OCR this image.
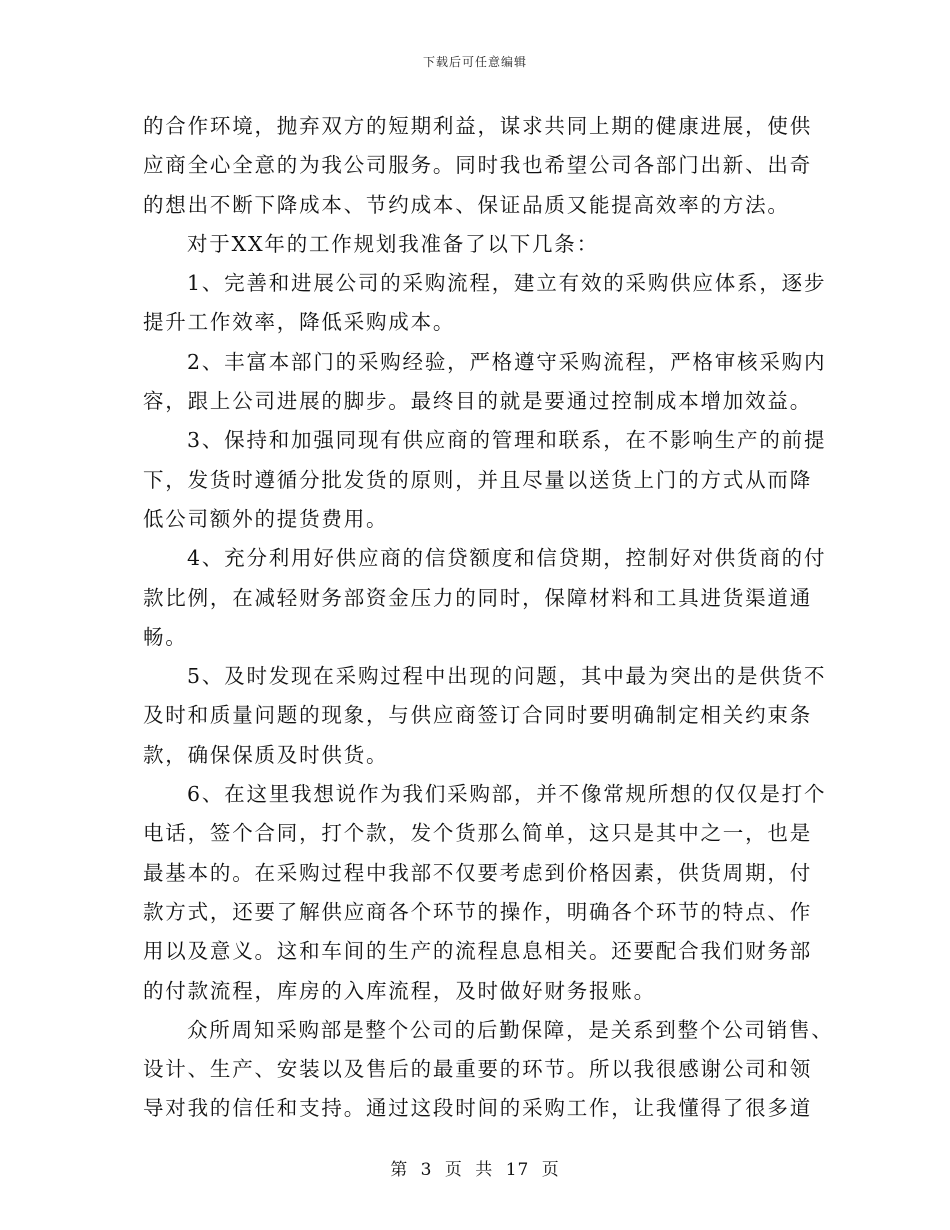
下载后可任意编辑
的合作环境，抛弃双方的短期利益，谋求共同上期的健康进展，使供
应商全心全意的为我公司服务。同时我也希望公司各部门出新、出奇
的想出不断下降成本、节约成本、保证品质又能提高效率的方法。
对于XX年的工作规划我准备了以下几条：
1、完善和进展公司的采购流程，建立有效的采购供应体系，逐步
提升工作效率，降低采购成本。
2、丰富本部门的采购经验，严格遵守采购流程，严格审核采购内
容，跟上公司进展的脚步。最终目的就是要通过控制成本增加效益。
3、保持和加强同现有供应商的管理和联系，在不影响生产的前提
下，发货时遵循分批发货的原则，并且尽量以送货上门的方式从而降
低公司额外的提货费用。
4、充分利用好供应商的信贷额度和信贷期，控制好对供货商的付
款比例，在减轻财务部资金压力的同时，保障材料和工具进货渠道通
畅。
5、及时发现在采购过程中出现的问题，其中最为突出的是供货不
及时和质量问题的现象，与供应商签订合同时要明确制定相关约束条
款，确保保质及时供货。
6、在这里我想说作为我们采购部，并不像常规所想的仅仅是打个
电话，签个合同，打个款，发个货那么简单，这只是其中之一，也是
最基本的。在采购过程中我部不仅要考虑到价格因素，供货周期，付
款方式，还要了解供应商各个环节的操作，明确各个环节的特点、作
用以及意义。这和车间的生产的流程息息相关。还要配合我们财务部
的付款流程，库房的入库流程，及时做好财务报账。
众所周知采购部是整个公司的后勤保障，是关系到整个公司销售、
设计、生产、安装以及售后的最重要的环节。所以我很感谢公司和领
导对我的信任和支持。通过这段时间的采购工作，让我懂得了很多道
第 3 页 共 17 页
